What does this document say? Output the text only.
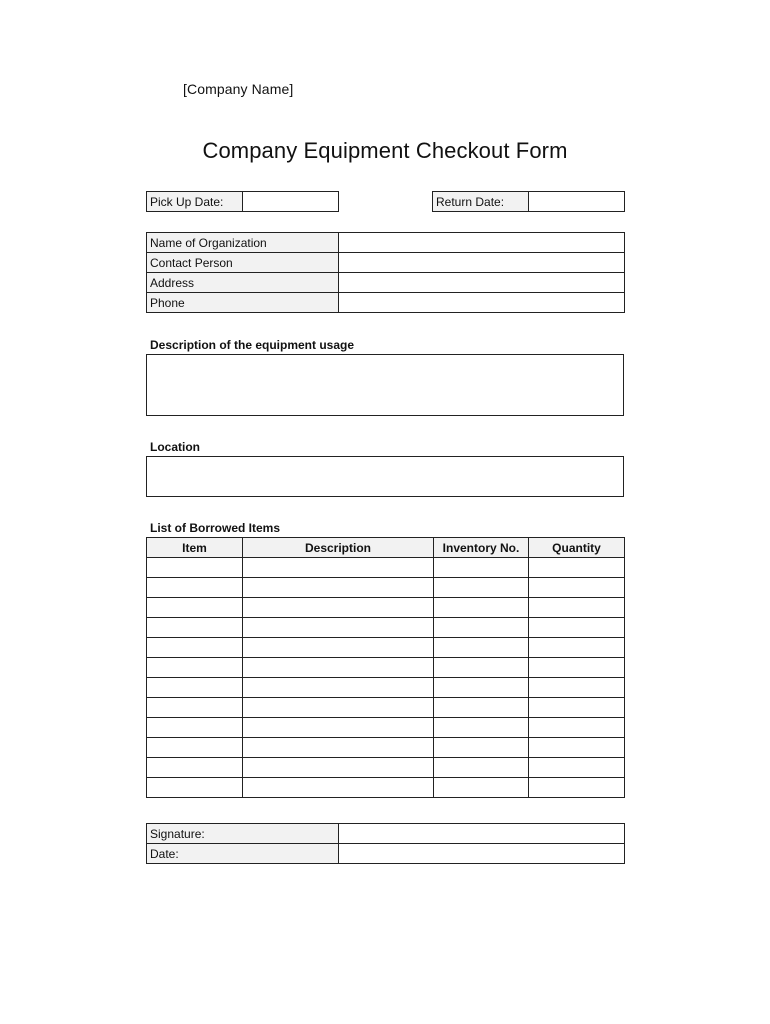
[Company Name]
Company Equipment Checkout Form
Pick Up Date:			Return Date:	
Name of Organization	
Contact Person	
Address	
Phone	
Description of the equipment usage
Location
List of Borrowed Items
Item	Description	Inventory No.	Quantity

Signature:	
Date:	
